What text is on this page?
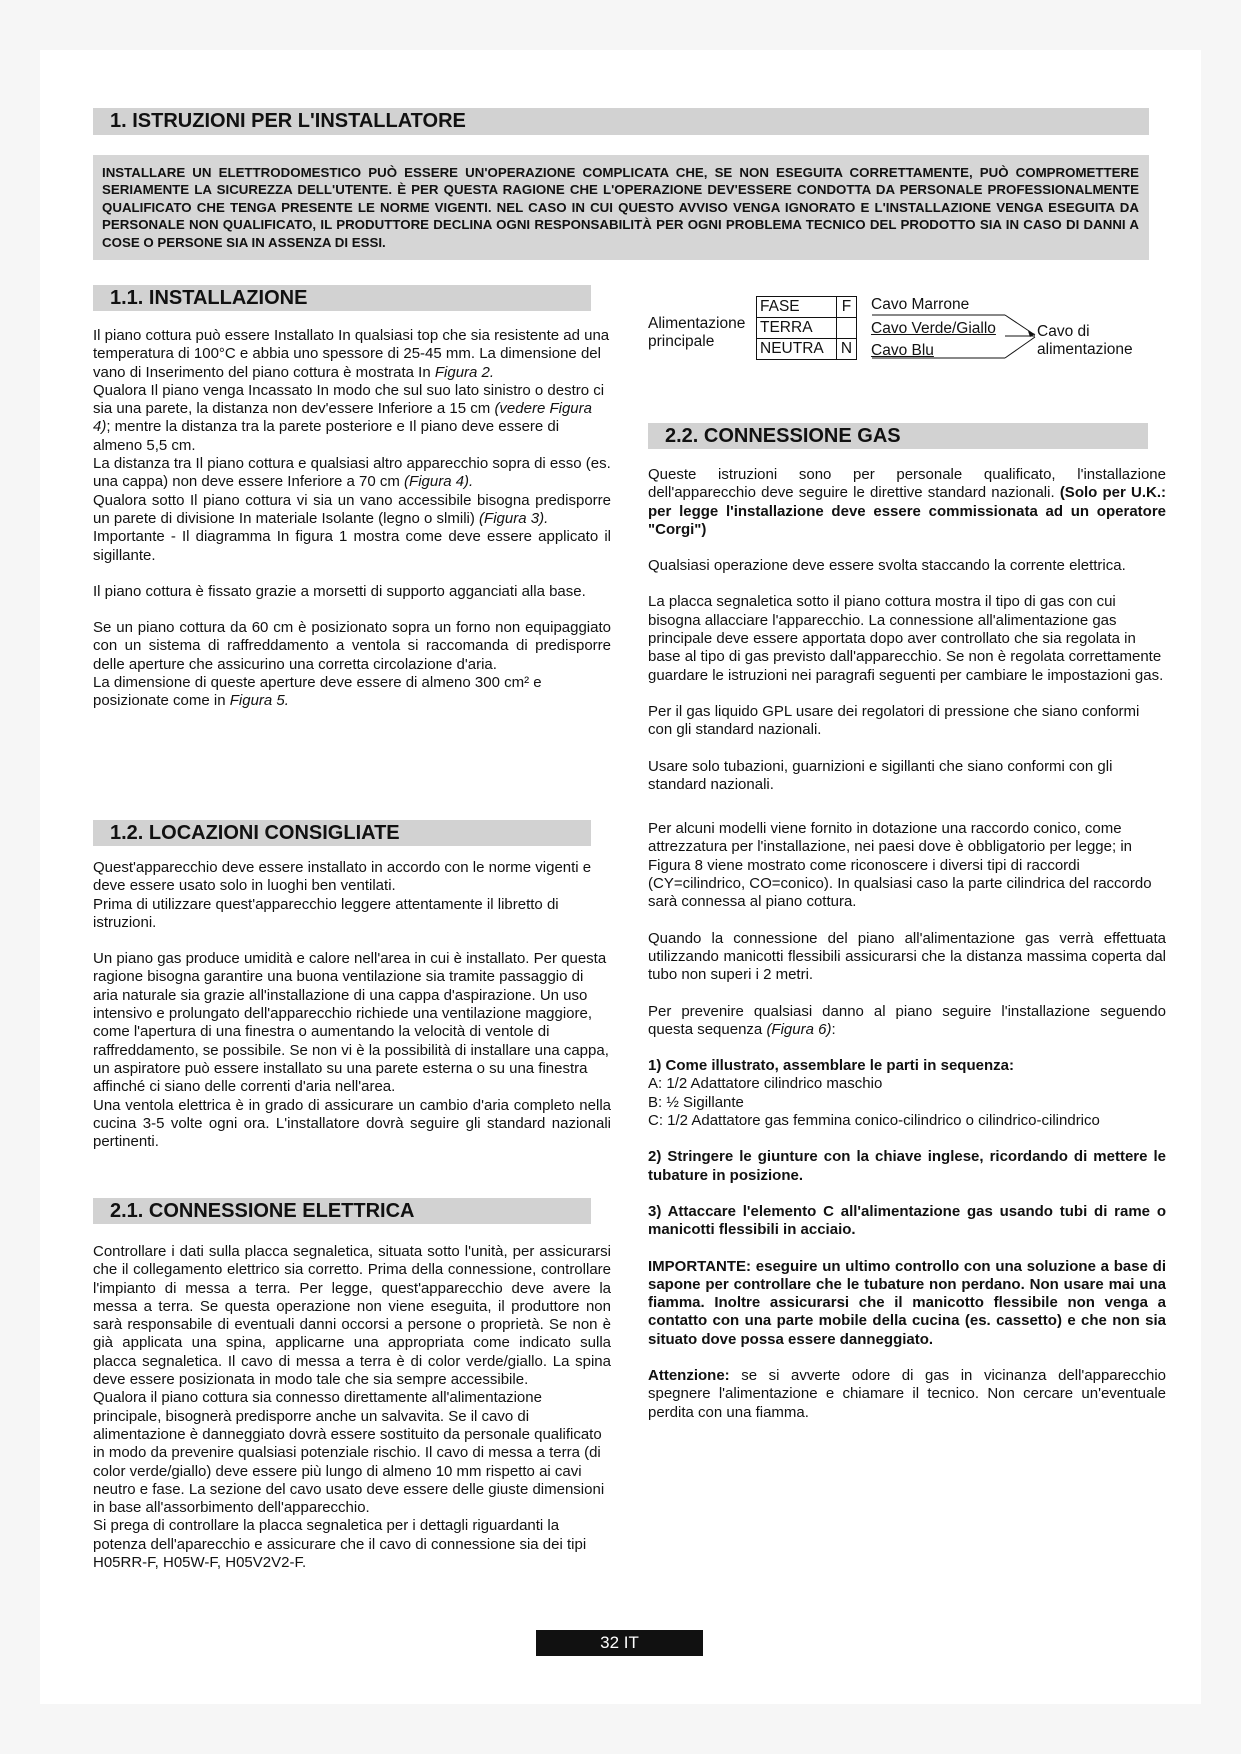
1. ISTRUZIONI PER L'INSTALLATORE
INSTALLARE UN ELETTRODOMESTICO PUÒ ESSERE UN'OPERAZIONE COMPLICATA CHE, SE NON ESEGUITA CORRETTAMENTE, PUÒ COMPROMETTERE SERIAMENTE LA SICUREZZA DELL'UTENTE. È PER QUESTA RAGIONE CHE L'OPERAZIONE DEV'ESSERE CONDOTTA DA PERSONALE PROFESSIONALMENTE QUALIFICATO CHE TENGA PRESENTE LE NORME VIGENTI. NEL CASO IN CUI QUESTO AVVISO VENGA IGNORATO E L'INSTALLAZIONE VENGA ESEGUITA DA PERSONALE NON QUALIFICATO, IL PRODUTTORE DECLINA OGNI RESPONSABILITÀ PER OGNI PROBLEMA TECNICO DEL PRODOTTO SIA IN CASO DI DANNI A COSE O PERSONE SIA IN ASSENZA DI ESSI.
1.1. INSTALLAZIONE

Il piano cottura può essere Installato In qualsiasi top che sia resistente ad una temperatura di 100°C e abbia uno spessore di 25-45 mm. La dimensione del vano di Inserimento del piano cottura è mostrata In Figura 2.

Qualora Il piano venga Incassato In modo che sul suo lato sinistro o destro ci sia una parete, la distanza non dev'essere Inferiore a 15 cm (vedere Figura 4); mentre la distanza tra la parete posteriore e Il piano deve essere di almeno 5,5 cm.

La distanza tra Il piano cottura e qualsiasi altro apparecchio sopra di esso (es. una cappa) non deve essere Inferiore a 70 cm (Figura 4).

Qualora sotto Il piano cottura vi sia un vano accessibile bisogna predisporre un parete di divisione In materiale Isolante (legno o slmili) (Figura 3).

Importante - Il diagramma In figura 1 mostra come deve essere applicato il sigillante.

Il piano cottura è fissato grazie a morsetti di supporto agganciati alla base.

Se un piano cottura da 60 cm è posizionato sopra un forno non equipaggiato con un sistema di raffreddamento a ventola si raccomanda di predisporre delle aperture che assicurino una corretta circolazione d'aria.

La dimensione di queste aperture deve essere di almeno 300 cm² e posizionate come in Figura 5.

1.2. LOCAZIONI CONSIGLIATE

Quest'apparecchio deve essere installato in accordo con le norme vigenti e deve essere usato solo in luoghi ben ventilati.

Prima di utilizzare quest'apparecchio leggere attentamente il libretto di istruzioni.

Un piano gas produce umidità e calore nell'area in cui è installato. Per questa ragione bisogna garantire una buona ventilazione sia tramite passaggio di aria naturale sia grazie all'installazione di una cappa d'aspirazione. Un uso intensivo e prolungato dell'apparecchio richiede una ventilazione maggiore, come l'apertura di una finestra o aumentando la velocità di ventole di raffreddamento, se possibile. Se non vi è la possibilità di installare una cappa, un aspiratore può essere installato su una parete esterna o su una finestra affinché ci siano delle correnti d'aria nell'area.

Una ventola elettrica è in grado di assicurare un cambio d'aria completo nella cucina 3-5 volte ogni ora. L'installatore dovrà seguire gli standard nazionali pertinenti.

2.1. CONNESSIONE ELETTRICA

Controllare i dati sulla placca segnaletica, situata sotto l'unità, per assicurarsi che il collegamento elettrico sia corretto. Prima della connessione, controllare l'impianto di messa a terra. Per legge, quest'apparecchio deve avere la messa a terra. Se questa operazione non viene eseguita, il produttore non sarà responsabile di eventuali danni occorsi a persone o proprietà. Se non è già applicata una spina, applicarne una appropriata come indicato sulla placca segnaletica. Il cavo di messa a terra è di color verde/giallo. La spina deve essere posizionata in modo tale che sia sempre accessibile.

Qualora il piano cottura sia connesso direttamente all'alimentazione principale, bisognerà predisporre anche un salvavita. Se il cavo di alimentazione è danneggiato dovrà essere sostituito da personale qualificato in modo da prevenire qualsiasi potenziale rischio. Il cavo di messa a terra (di color verde/giallo) deve essere più lungo di almeno 10 mm rispetto ai cavi neutro e fase. La sezione del cavo usato deve essere delle giuste dimensioni in base all'assorbimento dell'apparecchio.

Si prega di controllare la placca segnaletica per i dettagli riguardanti la potenza dell'aparecchio e assicurare che il cavo di connessione sia dei tipi H05RR-F, H05W-F, H05V2V2-F.

Alimentazione
principale
FASE	F
TERRA	
NEUTRA	N
Cavo Marrone
Cavo Verde/Giallo
Cavo Blu
Cavo di
alimentazione
2.2. CONNESSIONE GAS

Queste istruzioni sono per personale qualificato, l'installazione dell'apparecchio deve seguire le direttive standard nazionali. (Solo per U.K.: per legge l'installazione deve essere commissionata ad un operatore "Corgi")

Qualsiasi operazione deve essere svolta staccando la corrente elettrica.

La placca segnaletica sotto il piano cottura mostra il tipo di gas con cui bisogna allacciare l'apparecchio. La connessione all'alimentazione gas principale deve essere apportata dopo aver controllato che sia regolata in base al tipo di gas previsto dall'apparecchio. Se non è regolata correttamente guardare le istruzioni nei paragrafi seguenti per cambiare le impostazioni gas.

Per il gas liquido GPL usare dei regolatori di pressione che siano conformi con gli standard nazionali.

Usare solo tubazioni, guarnizioni e sigillanti che siano conformi con gli standard nazionali.

Per alcuni modelli viene fornito in dotazione una raccordo conico, come attrezzatura per l'installazione, nei paesi dove è obbligatorio per legge; in Figura 8 viene mostrato come riconoscere i diversi tipi di raccordi (CY=cilindrico, CO=conico). In qualsiasi caso la parte cilindrica del raccordo sarà connessa al piano cottura.

Quando la connessione del piano all'alimentazione gas verrà effettuata utilizzando manicotti flessibili assicurarsi che la distanza massima coperta dal tubo non superi i 2 metri.

Per prevenire qualsiasi danno al piano seguire l'installazione seguendo questa sequenza (Figura 6):

1) Come illustrato, assemblare le parti in sequenza:

A: 1/2 Adattatore cilindrico maschio

B: ½ Sigillante

C: 1/2 Adattatore gas femmina conico-cilindrico o cilindrico-cilindrico

2) Stringere le giunture con la chiave inglese, ricordando di mettere le tubature in posizione.

3) Attaccare l'elemento C all'alimentazione gas usando tubi di rame o manicotti flessibili in acciaio.

IMPORTANTE: eseguire un ultimo controllo con una soluzione a base di sapone per controllare che le tubature non perdano. Non usare mai una fiamma. Inoltre assicurarsi che il manicotto flessibile non venga a contatto con una parte mobile della cucina (es. cassetto) e che non sia situato dove possa essere danneggiato.

Attenzione: se si avverte odore di gas in vicinanza dell'apparecchio spegnere l'alimentazione e chiamare il tecnico. Non cercare un'eventuale perdita con una fiamma.

32 IT
